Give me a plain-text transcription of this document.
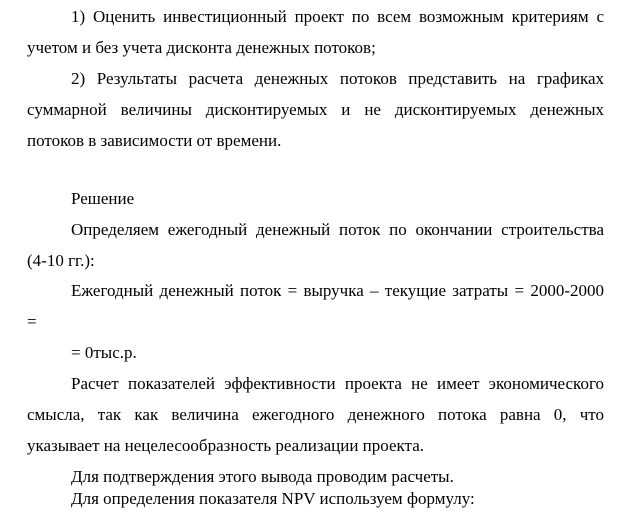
1) Оценить инвестиционный проект по всем возможным критериям с
учетом и без учета дисконта денежных потоков;
2) Результаты расчета денежных потоков представить на графиках
суммарной величины дисконтируемых и не дисконтируемых денежных
потоков в зависимости от времени.
Решение
Определяем ежегодный денежный поток по окончании строительства
(4-10 гг.):
Ежегодный денежный поток = выручка – текущие затраты = 2000-2000
=
= 0тыс.р.
Расчет показателей эффективности проекта не имеет экономического
смысла, так как величина ежегодного денежного потока равна 0, что
указывает на нецелесообразность реализации проекта.
Для подтверждения этого вывода проводим расчеты.
Для определения показателя NPV используем формулу:
